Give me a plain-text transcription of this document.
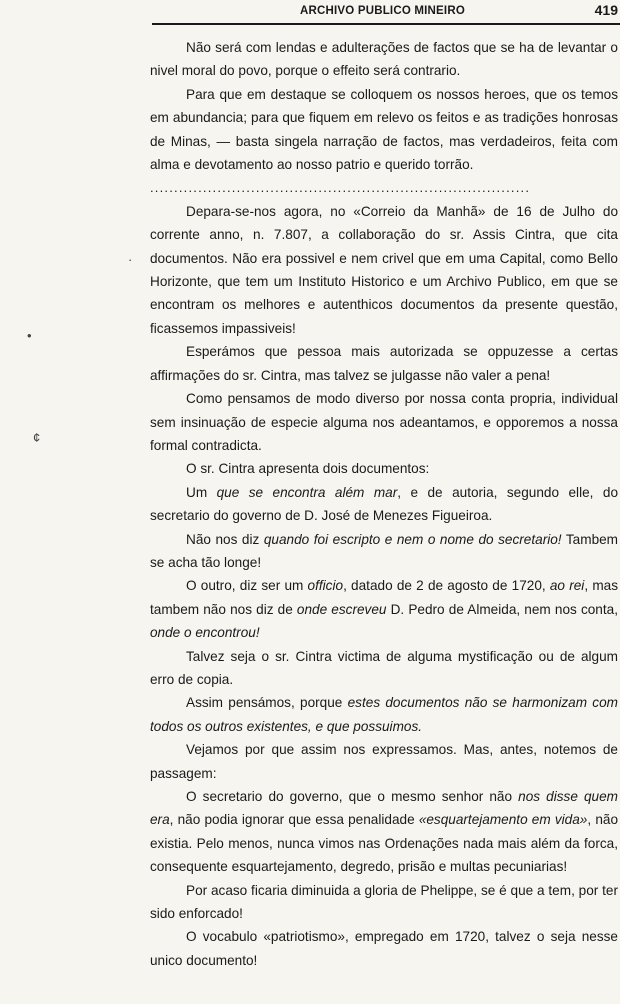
ARCHIVO PUBLICO MINEIRO	419
·
•
¢

Não será com lendas e adulterações de factos que se ha de levantar o nivel moral do povo, porque o effeito será contrario.

Para que em destaque se colloquem os nossos heroes, que os temos em abundancia; para que fiquem em relevo os feitos e as tradições honrosas de Minas, — basta singela narração de factos, mas verdadeiros, feita com alma e devotamento ao nosso patrio e querido torrão.

...............................................................................

Depara-se-nos agora, no «Correio da Manhã» de 16 de Julho do corrente anno, n. 7.807, a collaboração do sr. Assis Cintra, que cita documentos. Não era possivel e nem crivel que em uma Capital, como Bello Horizonte, que tem um Instituto Historico e um Archivo Publico, em que se encontram os melhores e autenthicos documentos da presente questão, ficassemos impassiveis!

Esperámos que pessoa mais autorizada se oppuzesse a certas affirmações do sr. Cintra, mas talvez se julgasse não valer a pena!

Como pensamos de modo diverso por nossa conta propria, individual sem insinuação de especie alguma nos adeantamos, e opporemos a nossa formal contradicta.

O sr. Cintra apresenta dois documentos:

Um que se encontra além mar, e de autoria, segundo elle, do secretario do governo de D. José de Menezes Figueiroa.

Não nos diz quando foi escripto e nem o nome do secretario! Tambem se acha tão longe!

O outro, diz ser um officio, datado de 2 de agosto de 1720, ao rei, mas tambem não nos diz de onde escreveu D. Pedro de Almeida, nem nos conta, onde o encontrou!

Talvez seja o sr. Cintra victima de alguma mystificação ou de algum erro de copia.

Assim pensámos, porque estes documentos não se harmonizam com todos os outros existentes, e que possuimos.

Vejamos por que assim nos expressamos. Mas, antes, notemos de passagem:

O secretario do governo, que o mesmo senhor não nos disse quem era, não podia ignorar que essa penalidade «esquartejamento em vida», não existia. Pelo menos, nunca vimos nas Ordenações nada mais além da forca, consequente esquartejamento, degredo, prisão e multas pecuniarias!

Por acaso ficaria diminuida a gloria de Phelippe, se é que a tem, por ter sido enforcado!

O vocabulo «patriotismo», empregado em 1720, talvez o seja nesse unico documento!
